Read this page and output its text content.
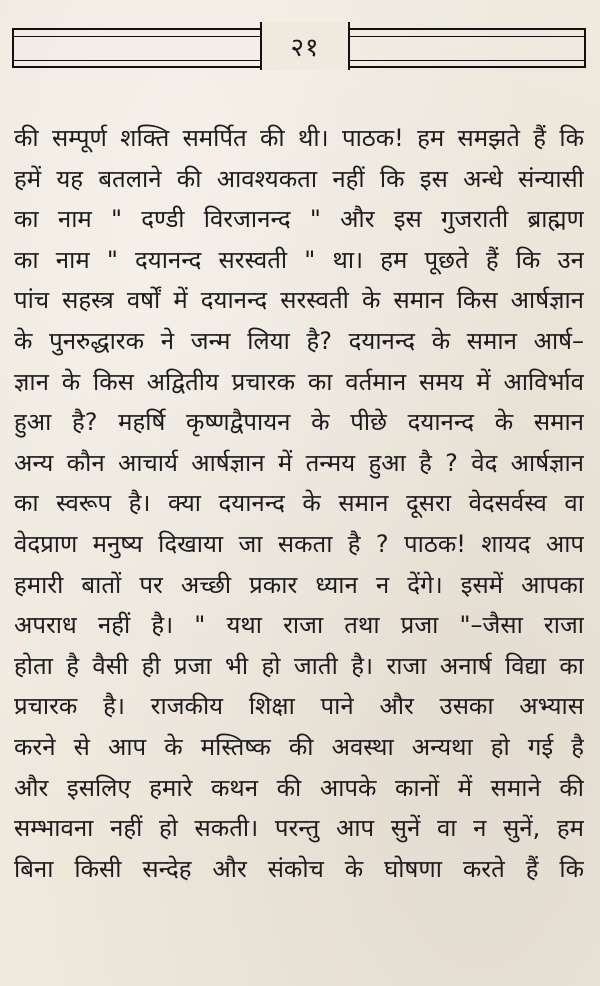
२१
की सम्पूर्ण शक्ति समर्पित की थी। पाठक! हम समझते हैं कि
हमें यह बतलाने की आवश्यकता नहीं कि इस अन्धे संन्यासी
का नाम " दण्डी विरजानन्द " और इस गुजराती ब्राह्मण
का नाम " दयानन्द सरस्वती " था। हम पूछते हैं कि उन
पांच सहस्त्र वर्षों में दयानन्द सरस्वती के समान किस आर्षज्ञान
के पुनरुद्धारक ने जन्म लिया है? दयानन्द के समान आर्ष–
ज्ञान के किस अद्वितीय प्रचारक का वर्तमान समय में आविर्भाव
हुआ है? महर्षि कृष्णद्वैपायन के पीछे दयानन्द के समान
अन्य कौन आचार्य आर्षज्ञान में तन्मय हुआ है ? वेद आर्षज्ञान
का स्वरूप है। क्या दयानन्द के समान दूसरा वेदसर्वस्व वा
वेदप्राण मनुष्य दिखाया जा सकता है ? पाठक! शायद आप
हमारी बातों पर अच्छी प्रकार ध्यान न देंगे। इसमें आपका
अपराध नहीं है। " यथा राजा तथा प्रजा "–जैसा राजा
होता है वैसी ही प्रजा भी हो जाती है। राजा अनार्ष विद्या का
प्रचारक है। राजकीय शिक्षा पाने और उसका अभ्यास
करने से आप के मस्तिष्क की अवस्था अन्यथा हो गई है
और इसलिए हमारे कथन की आपके कानों में समाने की
सम्भावना नहीं हो सकती। परन्तु आप सुनें वा न सुनें, हम
बिना किसी सन्देह और संकोच के घोषणा करते हैं कि
